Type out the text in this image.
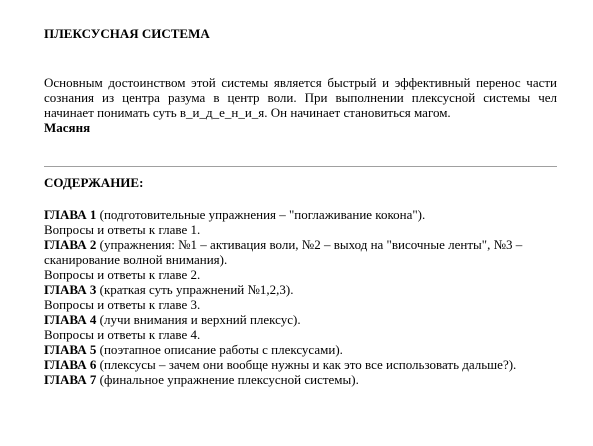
ПЛЕКСУСНАЯ СИСТЕМА
Основным достоинством этой системы является быстрый и эффективный перенос части сознания из центра разума в центр воли. При выполнении плексусной системы чел начинает понимать суть в_и_д_е_н_и_я. Он начинает становиться магом.
Масяня
СОДЕРЖАНИЕ:
ГЛАВА 1 (подготовительные упражнения – "поглаживание кокона").
Вопросы и ответы к главе 1.
ГЛАВА 2 (упражнения: №1 – активация воли, №2 – выход на "височные ленты", №3 –
сканирование волной внимания).
Вопросы и ответы к главе 2.
ГЛАВА 3 (краткая суть упражнений №1,2,3).
Вопросы и ответы к главе 3.
ГЛАВА 4 (лучи внимания и верхний плексус).
Вопросы и ответы к главе 4.
ГЛАВА 5 (поэтапное описание работы с плексусами).
ГЛАВА 6 (плексусы – зачем они вообще нужны и как это все использовать дальше?).
ГЛАВА 7 (финальное упражнение плексусной системы).
